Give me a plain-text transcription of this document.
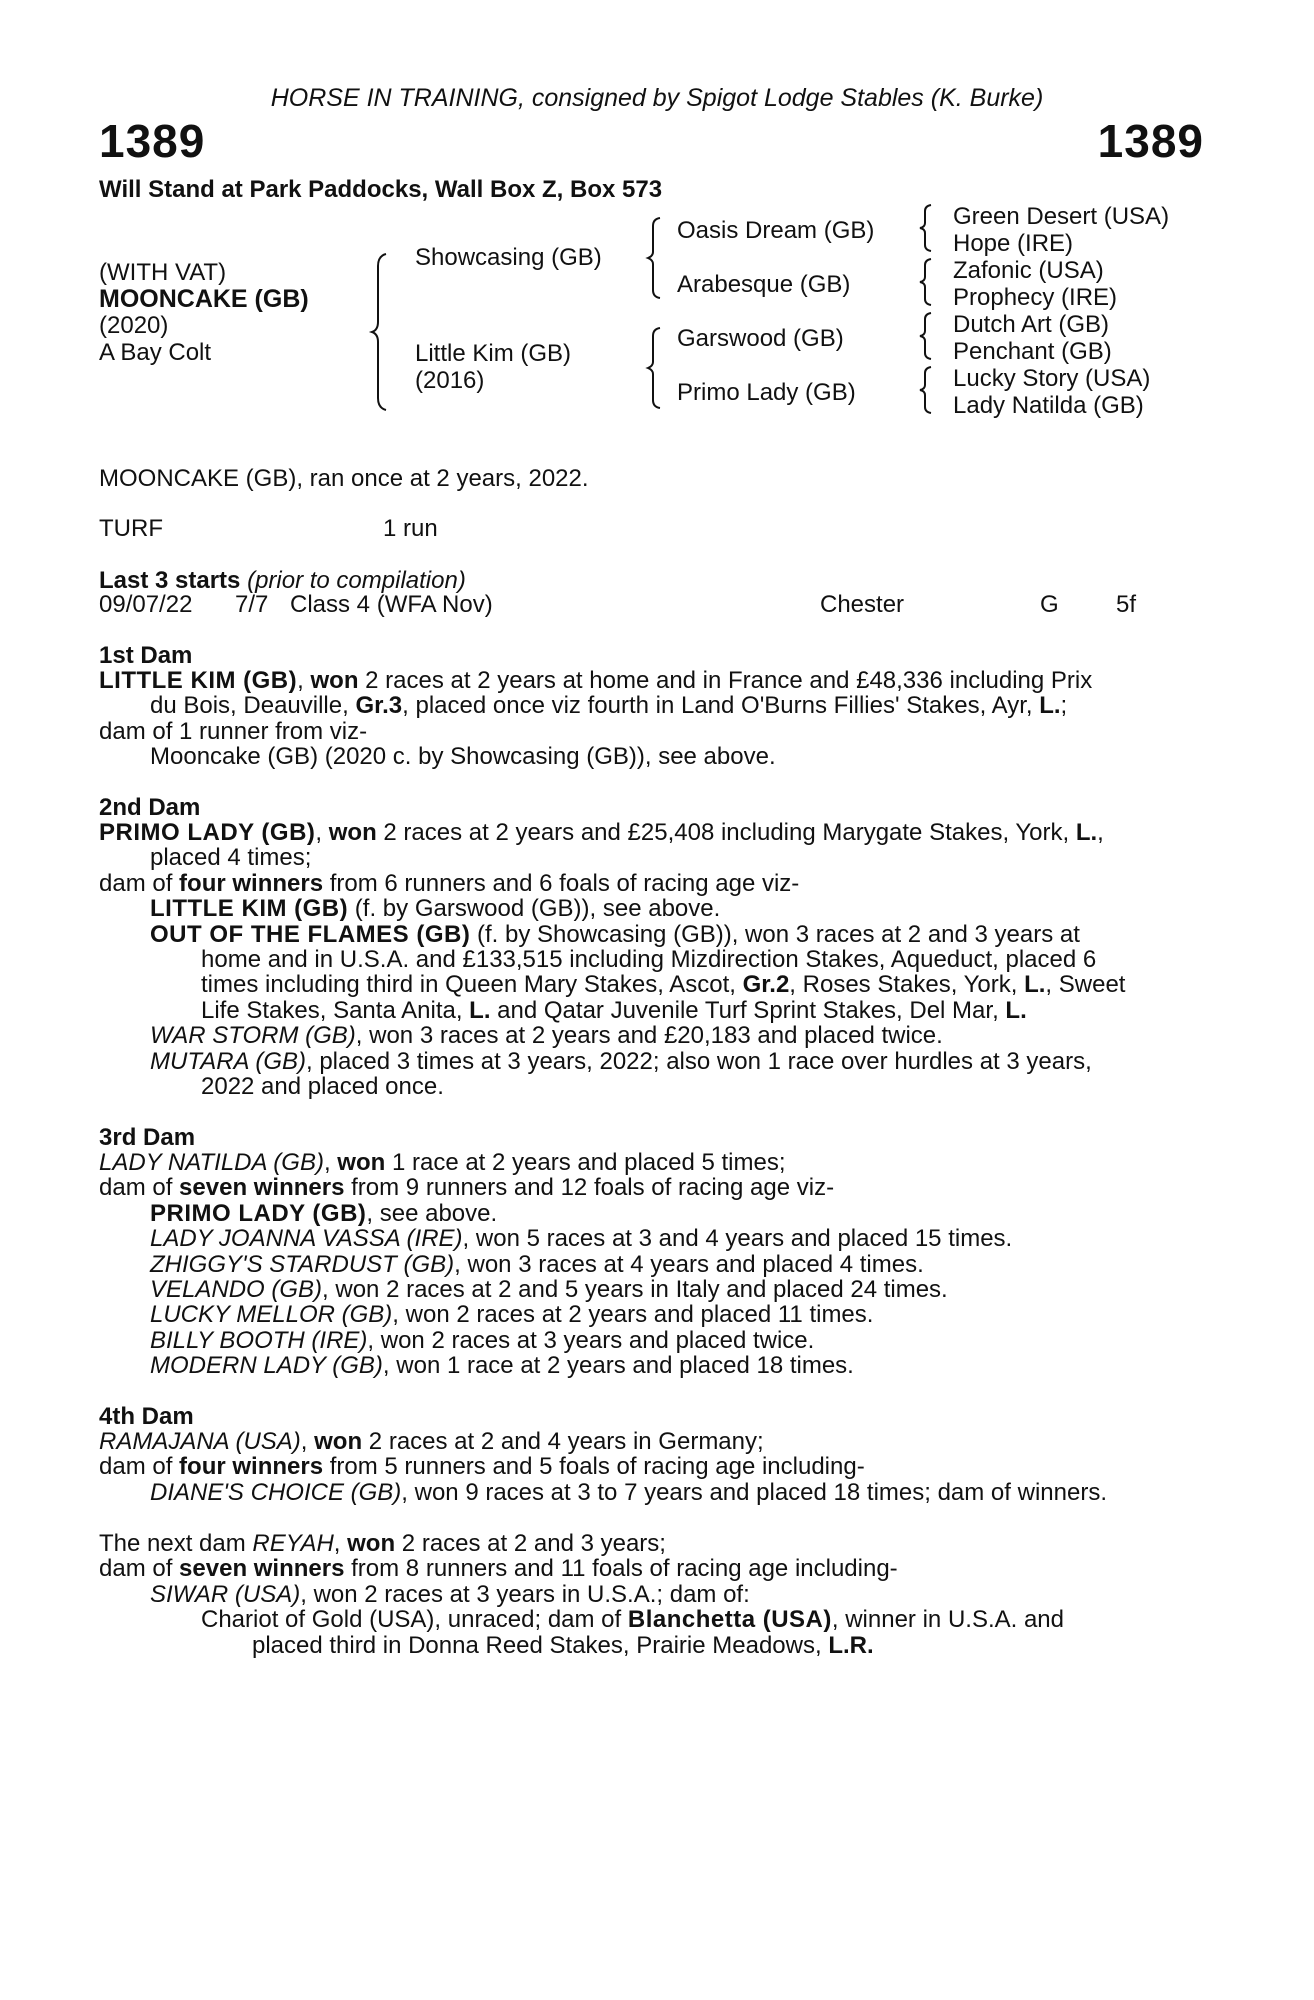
HORSE IN TRAINING, consigned by Spigot Lodge Stables (K. Burke)
1389	1389
Will Stand at Park Paddocks, Wall Box Z, Box 573
(WITH VAT)
MOONCAKE (GB)
(2020)
A Bay Colt
Showcasing (GB)
Little Kim (GB)
(2016)
Oasis Dream (GB)
Arabesque (GB)
Garswood (GB)
Primo Lady (GB)
Green Desert (USA)
Hope (IRE)
Zafonic (USA)
Prophecy (IRE)
Dutch Art (GB)
Penchant (GB)
Lucky Story (USA)
Lady Natilda (GB)
MOONCAKE (GB), ran once at 2 years, 2022.
TURF	1 run
Last 3 starts (prior to compilation)
09/07/22 7/7 Class 4 (WFA Nov)	Chester	G 5f
1st Dam
LITTLE KIM (GB), won 2 races at 2 years at home and in France and £48,336 including Prix
du Bois, Deauville, Gr.3, placed once viz fourth in Land O'Burns Fillies' Stakes, Ayr, L.;
dam of 1 runner from viz-
Mooncake (GB) (2020 c. by Showcasing (GB)), see above.
2nd Dam
PRIMO LADY (GB), won 2 races at 2 years and £25,408 including Marygate Stakes, York, L.,
placed 4 times;
dam of four winners from 6 runners and 6 foals of racing age viz-
LITTLE KIM (GB) (f. by Garswood (GB)), see above.
OUT OF THE FLAMES (GB) (f. by Showcasing (GB)), won 3 races at 2 and 3 years at
home and in U.S.A. and £133,515 including Mizdirection Stakes, Aqueduct, placed 6
times including third in Queen Mary Stakes, Ascot, Gr.2, Roses Stakes, York, L., Sweet
Life Stakes, Santa Anita, L. and Qatar Juvenile Turf Sprint Stakes, Del Mar, L.
WAR STORM (GB), won 3 races at 2 years and £20,183 and placed twice.
MUTARA (GB), placed 3 times at 3 years, 2022; also won 1 race over hurdles at 3 years,
2022 and placed once.
3rd Dam
LADY NATILDA (GB), won 1 race at 2 years and placed 5 times;
dam of seven winners from 9 runners and 12 foals of racing age viz-
PRIMO LADY (GB), see above.
LADY JOANNA VASSA (IRE), won 5 races at 3 and 4 years and placed 15 times.
ZHIGGY'S STARDUST (GB), won 3 races at 4 years and placed 4 times.
VELANDO (GB), won 2 races at 2 and 5 years in Italy and placed 24 times.
LUCKY MELLOR (GB), won 2 races at 2 years and placed 11 times.
BILLY BOOTH (IRE), won 2 races at 3 years and placed twice.
MODERN LADY (GB), won 1 race at 2 years and placed 18 times.
4th Dam
RAMAJANA (USA), won 2 races at 2 and 4 years in Germany;
dam of four winners from 5 runners and 5 foals of racing age including-
DIANE'S CHOICE (GB), won 9 races at 3 to 7 years and placed 18 times; dam of winners.
The next dam REYAH, won 2 races at 2 and 3 years;
dam of seven winners from 8 runners and 11 foals of racing age including-
SIWAR (USA), won 2 races at 3 years in U.S.A.; dam of:
Chariot of Gold (USA), unraced; dam of Blanchetta (USA), winner in U.S.A. and
placed third in Donna Reed Stakes, Prairie Meadows, L.R.
